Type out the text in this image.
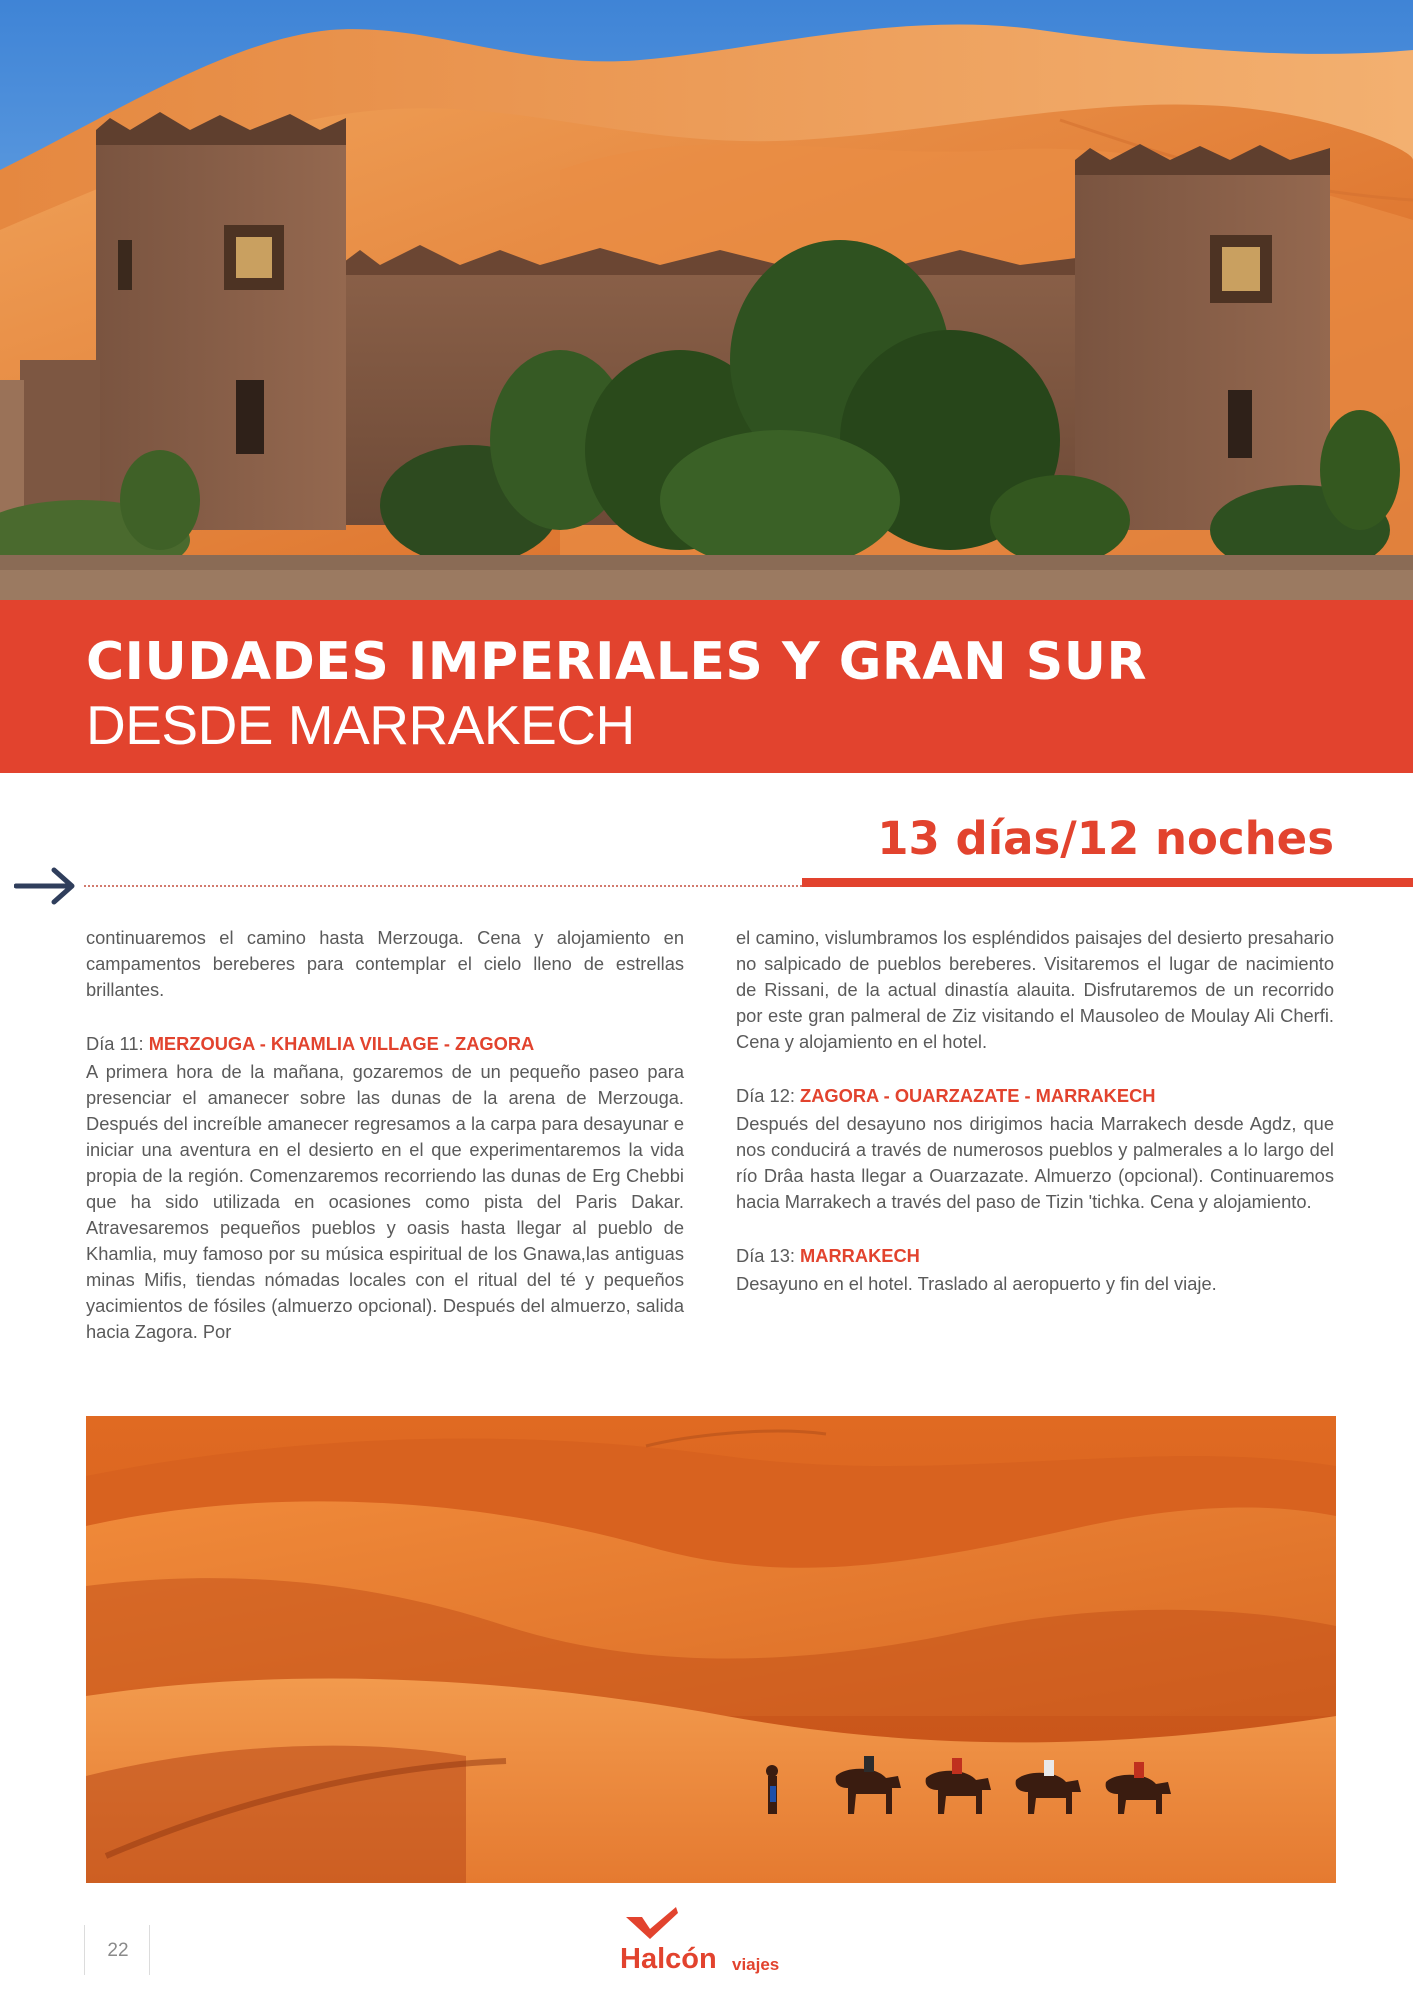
CIUDADES IMPERIALES Y GRAN SUR
DESDE MARRAKECH
13 días/12 noches

continuaremos el camino hasta Merzouga. Cena y alojamiento en campamentos bereberes para contemplar el cielo lleno de estrellas brillantes.

Día 11: MERZOUGA - KHAMLIA VILLAGE - ZAGORA

A primera hora de la mañana, gozaremos de un pequeño paseo para presenciar el amanecer sobre las dunas de la arena de Merzouga. Después del increíble amanecer regresamos a la carpa para desayunar e iniciar una aventura en el desierto en el que experimentaremos la vida propia de la región. Comenzaremos recorriendo las dunas de Erg Chebbi que ha sido utilizada en ocasiones como pista del Paris Dakar. Atravesaremos pequeños pueblos y oasis hasta llegar al pueblo de Khamlia, muy famoso por su música espiritual de los Gnawa,las antiguas minas Mifis, tiendas nómadas locales con el ritual del té y pequeños yacimientos de fósiles (almuerzo opcional). Después del almuerzo, salida hacia Zagora. Por

el camino, vislumbramos los espléndidos paisajes del desierto presahario no salpicado de pueblos bereberes. Visitaremos el lugar de nacimiento de Rissani, de la actual dinastía alauita. Disfrutaremos de un recorrido por este gran palmeral de Ziz visitando el Mausoleo de Moulay Ali Cherfi. Cena y alojamiento en el hotel.

Día 12: ZAGORA - OUARZAZATE - MARRAKECH

Después del desayuno nos dirigimos hacia Marrakech desde Agdz, que nos conducirá a través de numerosos pueblos y palmerales a lo largo del río Drâa hasta llegar a Ouarzazate. Almuerzo (opcional). Continuaremos hacia Marrakech a través del paso de Tizin 'tichka. Cena y alojamiento.

Día 13: MARRAKECH

Desayuno en el hotel. Traslado al aeropuerto y fin del viaje.

22	Halcón viajes
